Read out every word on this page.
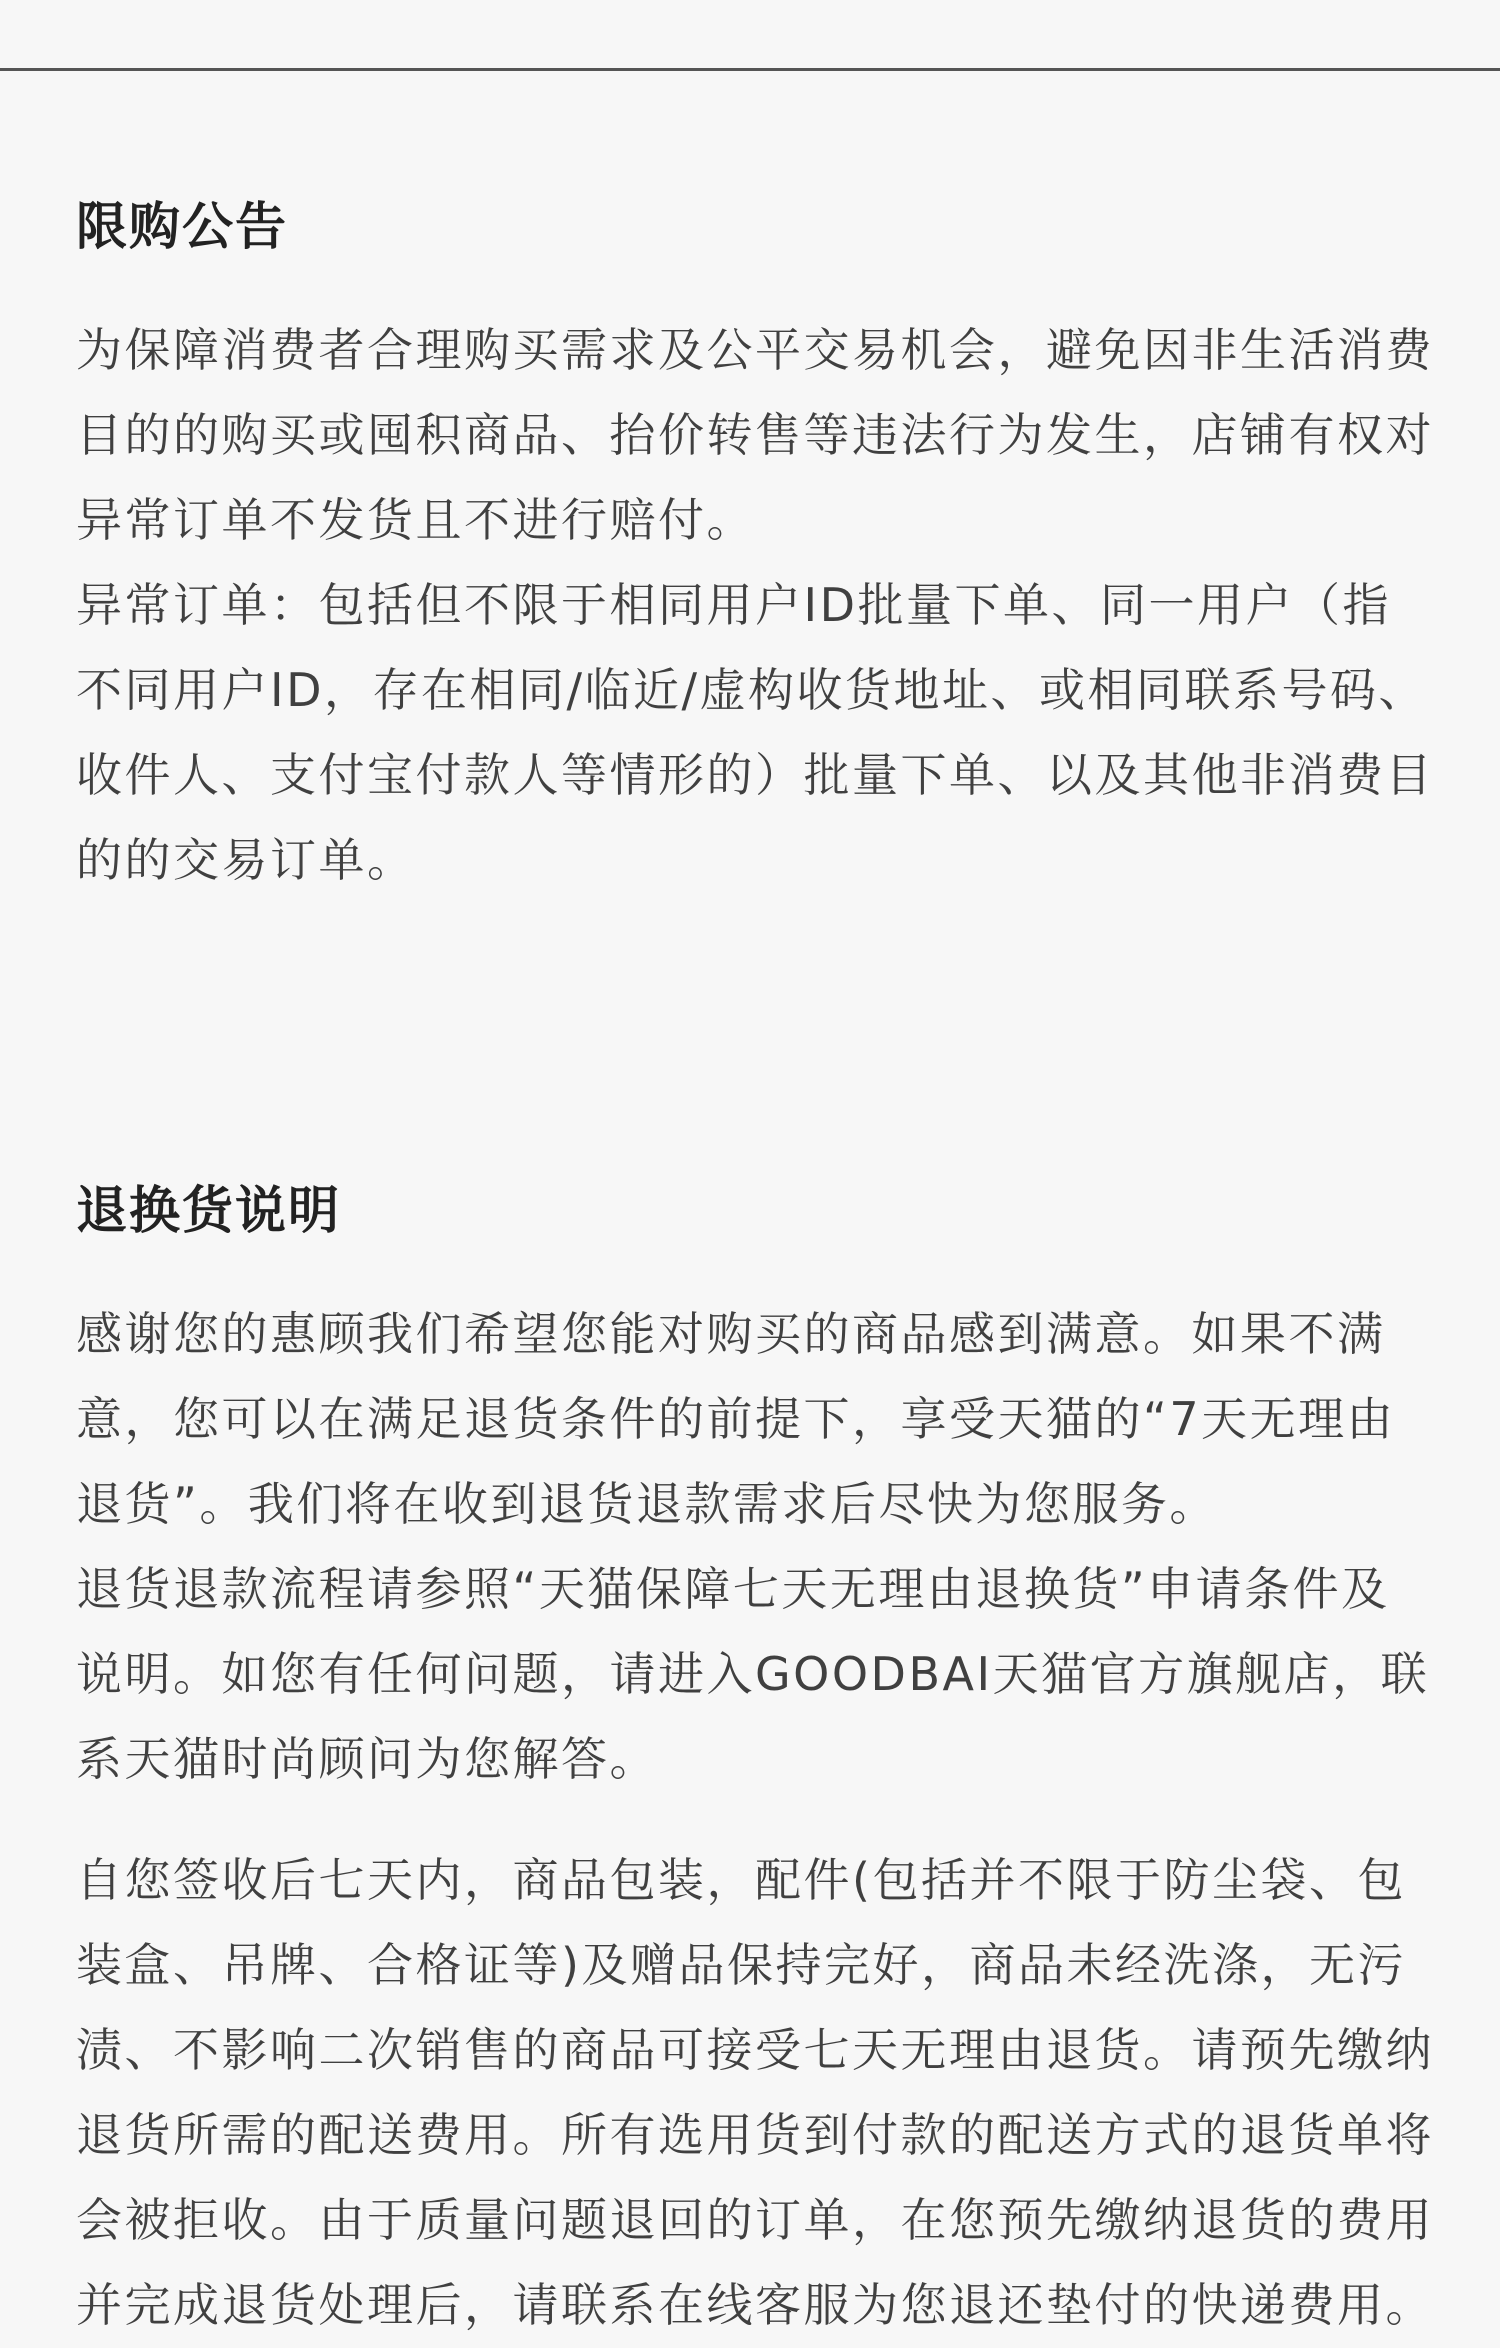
限购公告

为保障消费者合理购买需求及公平交易机会，避免因非生活消费目的的购买或囤积商品、抬价转售等违法行为发生，店铺有权对异常订单不发货且不进行赔付。

异常订单：包括但不限于相同用户ID批量下单、同一用户（指不同用户ID，存在相同/临近/虚构收货地址、或相同联系号码、收件人、支付宝付款人等情形的）批量下单、以及其他非消费目的的交易订单。

退换货说明

感谢您的惠顾我们希望您能对购买的商品感到满意。如果不满意，您可以在满足退货条件的前提下，享受天猫的“7天无理由退货”。我们将在收到退货退款需求后尽快为您服务。

退货退款流程请参照“天猫保障七天无理由退换货”申请条件及说明。如您有任何问题，请进入GOODBAI天猫官方旗舰店，联系天猫时尚顾问为您解答。

自您签收后七天内，商品包装，配件(包括并不限于防尘袋、包装盒、吊牌、合格证等)及赠品保持完好，商品未经洗涤，无污渍、不影响二次销售的商品可接受七天无理由退货。请预先缴纳退货所需的配送费用。所有选用货到付款的配送方式的退货单将会被拒收。由于质量问题退回的订单，在您预先缴纳退货的费用并完成退货处理后，请联系在线客服为您退还垫付的快递费用。
